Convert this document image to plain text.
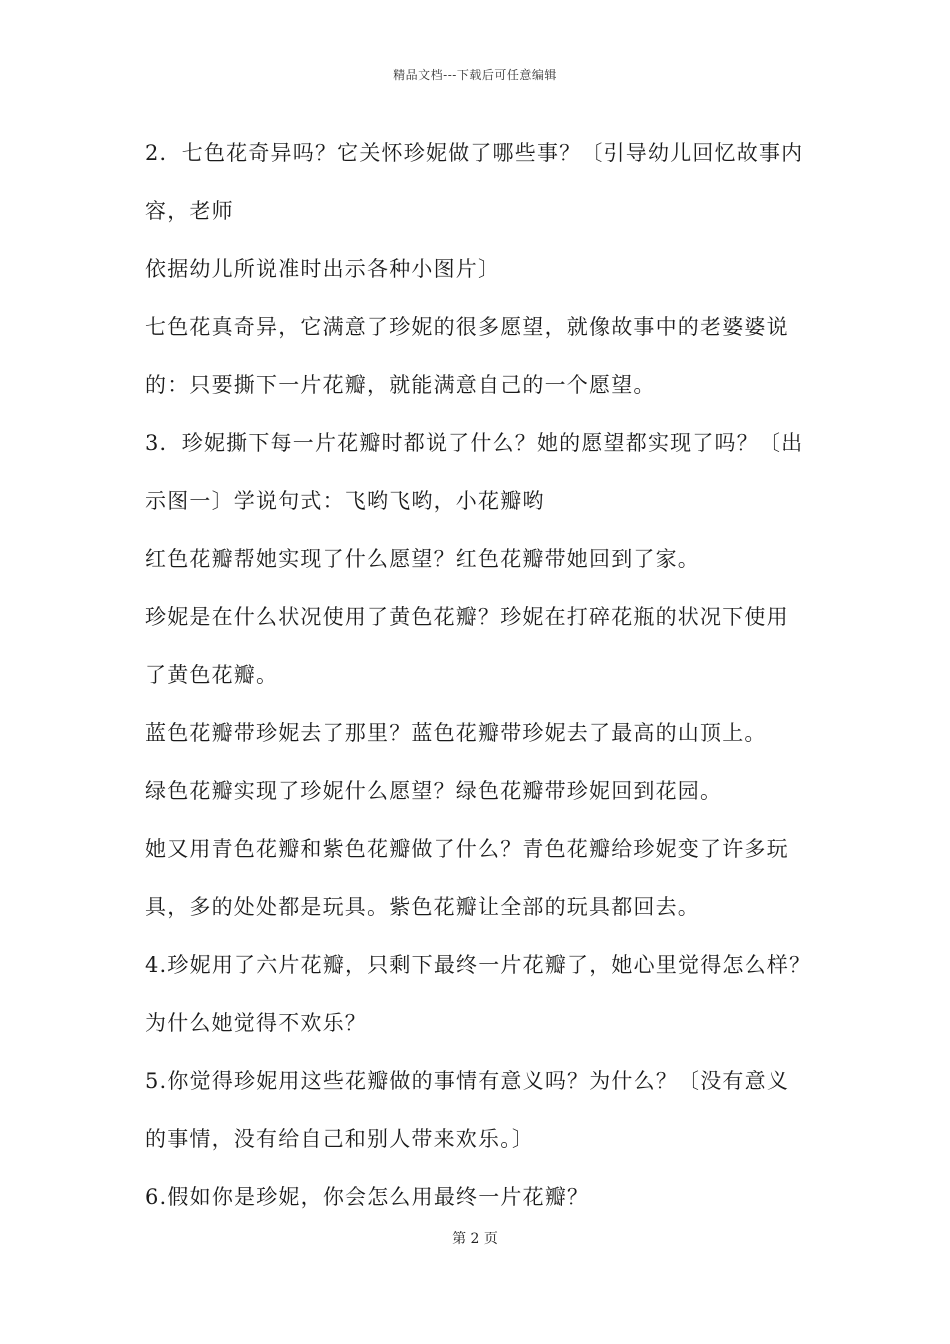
精品文档---下载后可任意编辑

2．七色花奇异吗？它关怀珍妮做了哪些事？〔引导幼儿回忆故事内

容，老师

依据幼儿所说准时出示各种小图片〕

七色花真奇异，它满意了珍妮的很多愿望，就像故事中的老婆婆说

的：只要撕下一片花瓣，就能满意自己的一个愿望。

3．珍妮撕下每一片花瓣时都说了什么？她的愿望都实现了吗？〔出

示图一〕学说句式：飞哟飞哟，小花瓣哟

红色花瓣帮她实现了什么愿望？红色花瓣带她回到了家。

珍妮是在什么状况使用了黄色花瓣？珍妮在打碎花瓶的状况下使用

了黄色花瓣。

蓝色花瓣带珍妮去了那里？蓝色花瓣带珍妮去了最高的山顶上。

绿色花瓣实现了珍妮什么愿望？绿色花瓣带珍妮回到花园。

她又用青色花瓣和紫色花瓣做了什么？青色花瓣给珍妮变了许多玩

具，多的处处都是玩具。紫色花瓣让全部的玩具都回去。

4.珍妮用了六片花瓣，只剩下最终一片花瓣了，她心里觉得怎么样？

为什么她觉得不欢乐？

5.你觉得珍妮用这些花瓣做的事情有意义吗？为什么？〔没有意义

的事情，没有给自己和别人带来欢乐。〕

6.假如你是珍妮，你会怎么用最终一片花瓣？

第 2 页
